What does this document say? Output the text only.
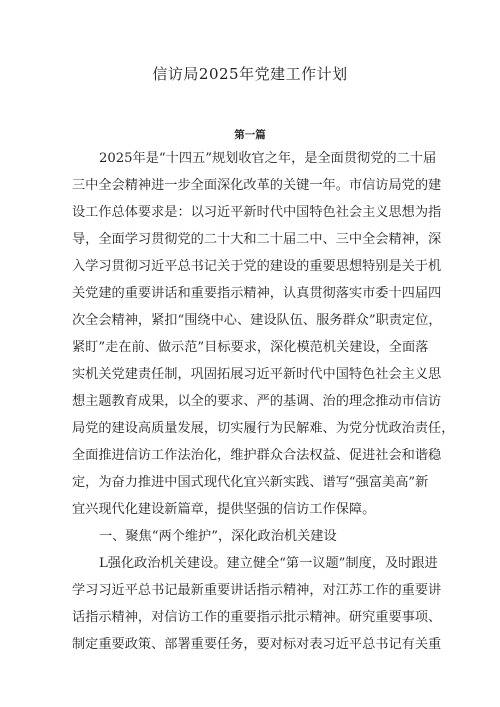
信访局2025年党建工作计划
第一篇
2025年是“十四五”规划收官之年，是全面贯彻党的二十届
三中全会精神进一步全面深化改革的关键一年。市信访局党的建
设工作总体要求是：以习近平新时代中国特色社会主义思想为指
导，全面学习贯彻党的二十大和二十届二中、三中全会精神，深
入学习贯彻习近平总书记关于党的建设的重要思想特别是关于机
关党建的重要讲话和重要指示精神，认真贯彻落实市委十四届四
次全会精神，紧扣“围绕中心、建设队伍、服务群众”职责定位，
紧盯”走在前、做示范”目标要求，深化模范机关建设，全面落
实机关党建责任制，巩固拓展习近平新时代中国特色社会主义思
想主题教育成果，以全的要求、严的基调、治的理念推动市信访
局党的建设高质量发展，切实履行为民解难、为党分忧政治责任，
全面推进信访工作法治化，维护群众合法权益、促进社会和谐稳
定，为奋力推进中国式现代化宜兴新实践、谱写“强富美高”新
宜兴现代化建设新篇章，提供坚强的信访工作保障。
一、聚焦“两个维护”，深化政治机关建设
L强化政治机关建设。建立健全“第一议题”制度，及时跟进
学习习近平总书记最新重要讲话指示精神，对江苏工作的重要讲
话指示精神，对信访工作的重要指示批示精神。研究重要事项、
制定重要政策、部署重要任务，要对标对表习近平总书记有关重
